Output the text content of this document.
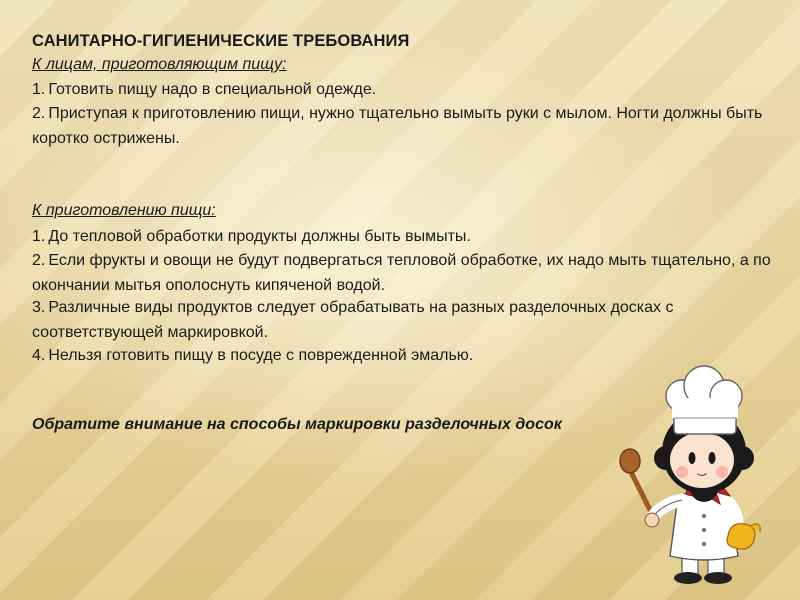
САНИТАРНО-ГИГИЕНИЧЕСКИЕ ТРЕБОВАНИЯ
К лицам, приготовляющим пищу:
1. Готовить пищу надо в специальной одежде.
2. Приступая к приготовлению пищи, нужно тщательно вымыть руки с мылом. Ногти должны быть коротко острижены.
К приготовлению пищи:
1. До тепловой обработки продукты должны быть вымыты.
2. Если фрукты и овощи не будут подвергаться тепловой обработке, их надо мыть тщательно, а по окончании мытья ополоснуть кипяченой водой.
3. Различные виды продуктов следует обрабатывать на разных разделочных досках с соответствующей маркировкой.
4. Нельзя готовить пищу в посуде с поврежденной эмалью.
Обратите внимание на способы маркировки разделочных досок
